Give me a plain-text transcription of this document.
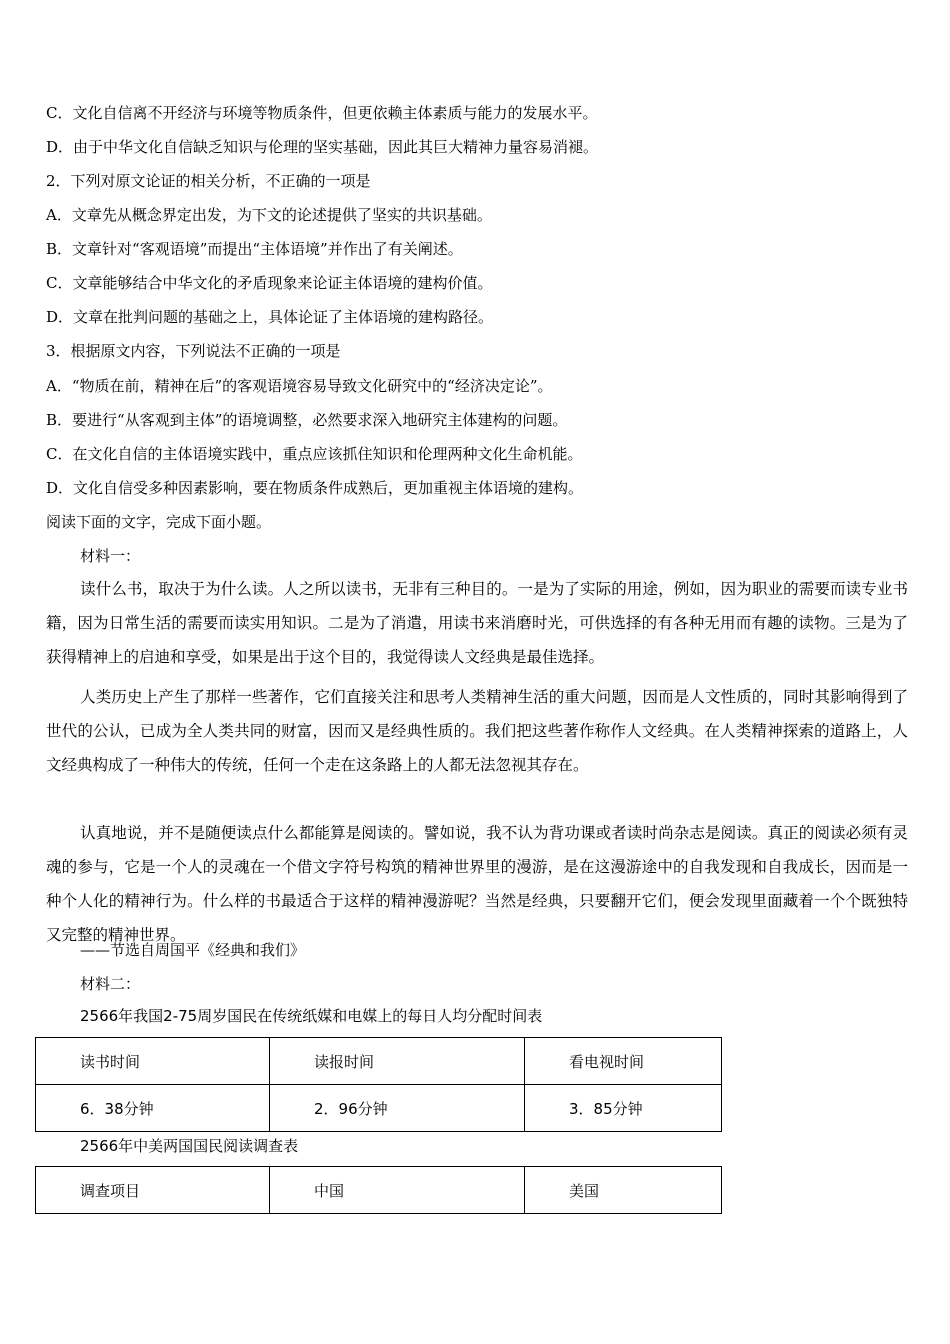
C．文化自信离不开经济与环境等物质条件，但更依赖主体素质与能力的发展水平。
D．由于中华文化自信缺乏知识与伦理的坚实基础，因此其巨大精神力量容易消褪。
2．下列对原文论证的相关分析，不正确的一项是
A．文章先从概念界定出发，为下文的论述提供了坚实的共识基础。
B．文章针对“客观语境”而提出“主体语境”并作出了有关阐述。
C．文章能够结合中华文化的矛盾现象来论证主体语境的建构价值。
D．文章在批判问题的基础之上，具体论证了主体语境的建构路径。
3．根据原文内容，下列说法不正确的一项是
A．“物质在前，精神在后”的客观语境容易导致文化研究中的“经济决定论”。
B．要进行“从客观到主体”的语境调整，必然要求深入地研究主体建构的问题。
C．在文化自信的主体语境实践中，重点应该抓住知识和伦理两种文化生命机能。
D．文化自信受多种因素影响，要在物质条件成熟后，更加重视主体语境的建构。
阅读下面的文字，完成下面小题。
材料一：
读什么书，取决于为什么读。人之所以读书，无非有三种目的。一是为了实际的用途，例如，因为职业的需要而读专业书籍，因为日常生活的需要而读实用知识。二是为了消遣，用读书来消磨时光，可供选择的有各种无用而有趣的读物。三是为了获得精神上的启迪和享受，如果是出于这个目的，我觉得读人文经典是最佳选择。
人类历史上产生了那样一些著作，它们直接关注和思考人类精神生活的重大问题，因而是人文性质的，同时其影响得到了世代的公认，已成为全人类共同的财富，因而又是经典性质的。我们把这些著作称作人文经典。在人类精神探索的道路上，人文经典构成了一种伟大的传统，任何一个走在这条路上的人都无法忽视其存在。
认真地说，并不是随便读点什么都能算是阅读的。譬如说，我不认为背功课或者读时尚杂志是阅读。真正的阅读必须有灵魂的参与，它是一个人的灵魂在一个借文字符号构筑的精神世界里的漫游，是在这漫游途中的自我发现和自我成长，因而是一种个人化的精神行为。什么样的书最适合于这样的精神漫游呢？当然是经典，只要翻开它们，便会发现里面藏着一个个既独特又完整的精神世界。
——节选自周国平《经典和我们》
材料二：
2566年我国2-75周岁国民在传统纸媒和电媒上的每日人均分配时间表
读书时间	读报时间	看电视时间
6．38分钟	2．96分钟	3．85分钟
2566年中美两国国民阅读调查表
调查项目	中国	美国
